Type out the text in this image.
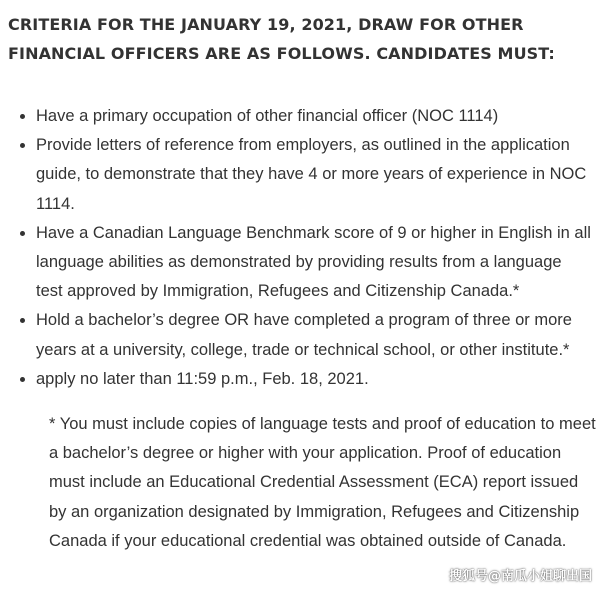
CRITERIA FOR THE JANUARY 19, 2021, DRAW FOR OTHER FINANCIAL OFFICERS ARE AS FOLLOWS. CANDIDATES MUST:
• Have a primary occupation of other financial officer (NOC 1114)
• Provide letters of reference from employers, as outlined in the application guide, to demonstrate that they have 4 or more years of experience in NOC 1114.
• Have a Canadian Language Benchmark score of 9 or higher in English in all language abilities as demonstrated by providing results from a language test approved by Immigration, Refugees and Citizenship Canada.*
• Hold a bachelor’s degree OR have completed a program of three or more years at a university, college, trade or technical school, or other institute.*
• apply no later than 11:59 p.m., Feb. 18, 2021.

* You must include copies of language tests and proof of education to meet a bachelor’s degree or higher with your application. Proof of education must include an Educational Credential Assessment (ECA) report issued by an organization designated by Immigration, Refugees and Citizenship Canada if your educational credential was obtained outside of Canada.

搜狐号@南瓜小姐聊出国
